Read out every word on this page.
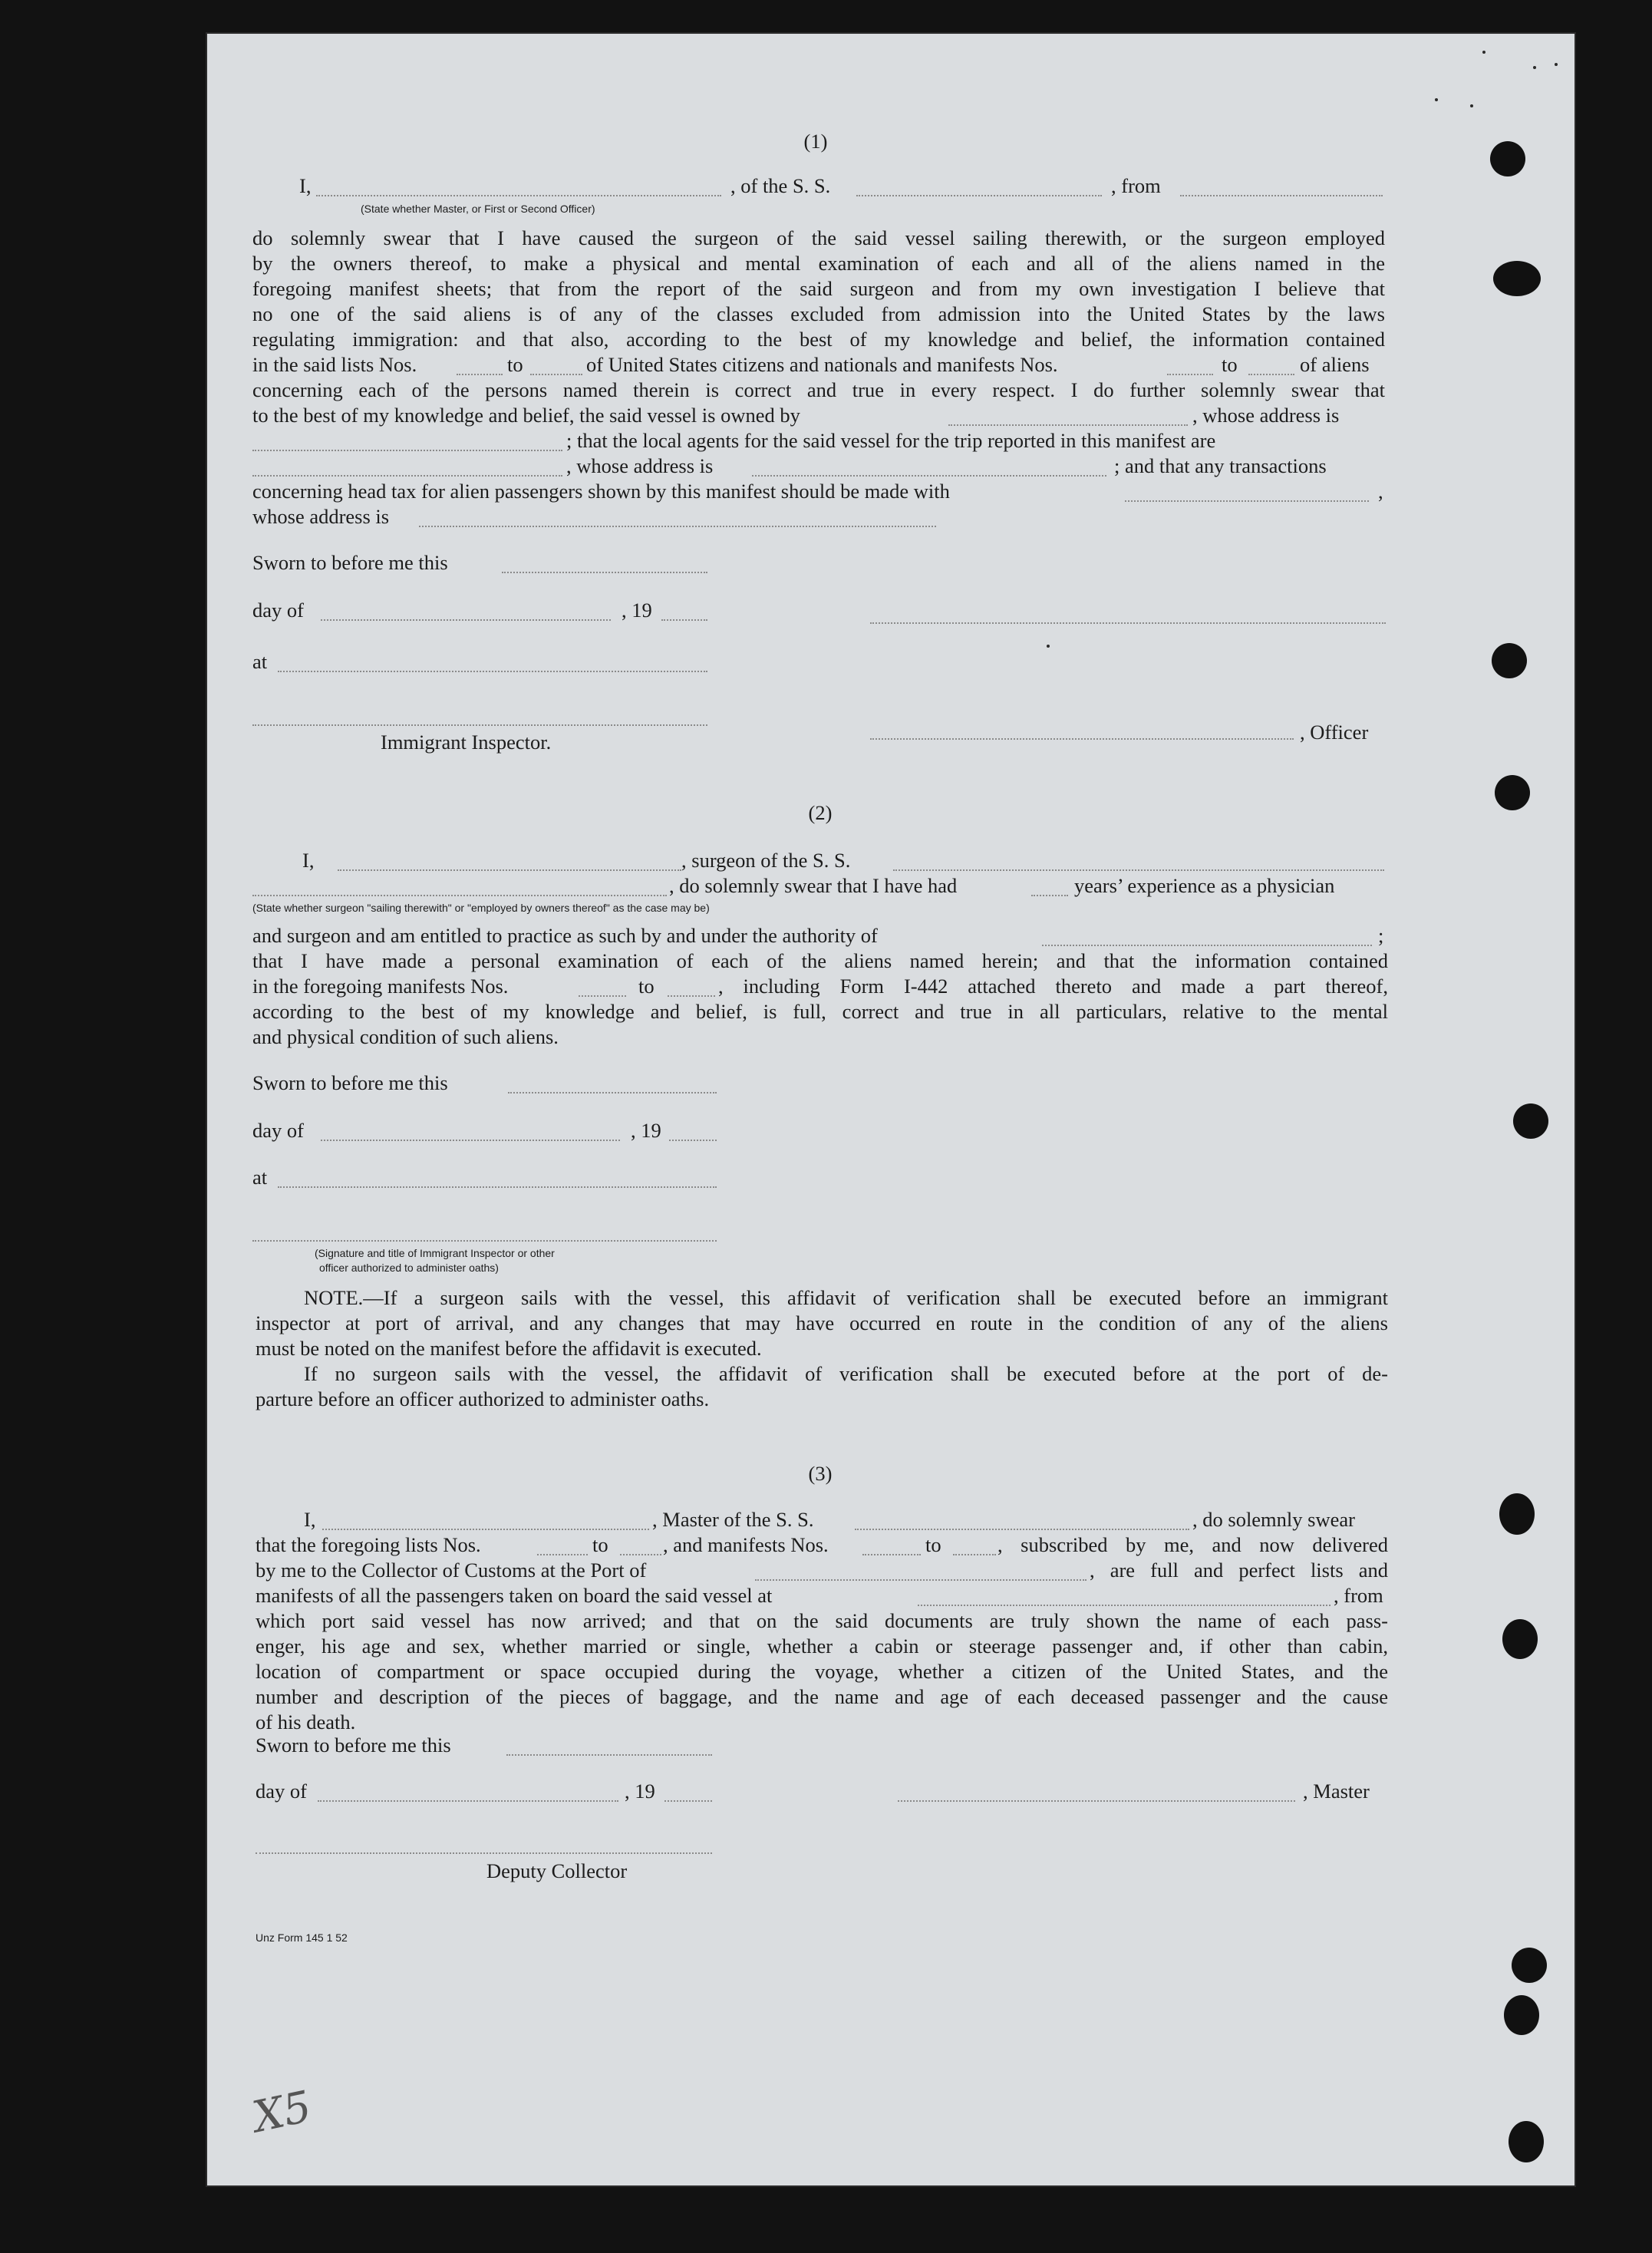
(1)
I,	, of the S. S.	, from
(State whether Master, or First or Second Officer)
do solemnly swear that I have caused the surgeon of the said vessel sailing therewith, or the surgeon employed
by the owners thereof, to make a physical and mental examination of each and all of the aliens named in the
foregoing manifest sheets; that from the report of the said surgeon and from my own investigation I believe that
no one of the said aliens is of any of the classes excluded from admission into the United States by the laws
regulating immigration: and that also, according to the best of my knowledge and belief, the information contained
in the said lists Nos.	to	of United States citizens and nationals and manifests Nos.	to	of aliens
concerning each of the persons named therein is correct and true in every respect. I do further solemnly swear that
to the best of my knowledge and belief, the said vessel is owned by	, whose address is
; that the local agents for the said vessel for the trip reported in this manifest are
, whose address is	; and that any transactions
concerning head tax for alien passengers shown by this manifest should be made with	,
whose address is
Sworn to before me this
day of	, 19
at
, Officer
Immigrant Inspector.
(2)
I,	, surgeon of the S. S.
, do solemnly swear that I have had	years’ experience as a physician
(State whether surgeon "sailing therewith" or "employed by owners thereof" as the case may be)
and surgeon and am entitled to practice as such by and under the authority of	;
that I have made a personal examination of each of the aliens named herein; and that the information contained
in the foregoing manifests Nos.	to	, including Form I-442 attached thereto and made a part thereof,
according to the best of my knowledge and belief, is full, correct and true in all particulars, relative to the mental
and physical condition of such aliens.
Sworn to before me this
day of	, 19
at
(Signature and title of Immigrant Inspector or other
officer authorized to administer oaths)
NOTE.—If a surgeon sails with the vessel, this affidavit of verification shall be executed before an immigrant
inspector at port of arrival, and any changes that may have occurred en route in the condition of any of the aliens
must be noted on the manifest before the affidavit is executed.
If no surgeon sails with the vessel, the affidavit of verification shall be executed before at the port of de-
parture before an officer authorized to administer oaths.
(3)
I,	, Master of the S. S.	, do solemnly swear
that the foregoing lists Nos.	to	, and manifests Nos.	to	, subscribed by me, and now delivered
by me to the Collector of Customs at the Port of	, are full and perfect lists and
manifests of all the passengers taken on board the said vessel at	, from
which port said vessel has now arrived; and that on the said documents are truly shown the name of each pass-
enger, his age and sex, whether married or single, whether a cabin or steerage passenger and, if other than cabin,
location of compartment or space occupied during the voyage, whether a citizen of the United States, and the
number and description of the pieces of baggage, and the name and age of each deceased passenger and the cause
of his death.
Sworn to before me this
day of	, 19	, Master
Deputy Collector
Unz Form 145 1 52
X5
